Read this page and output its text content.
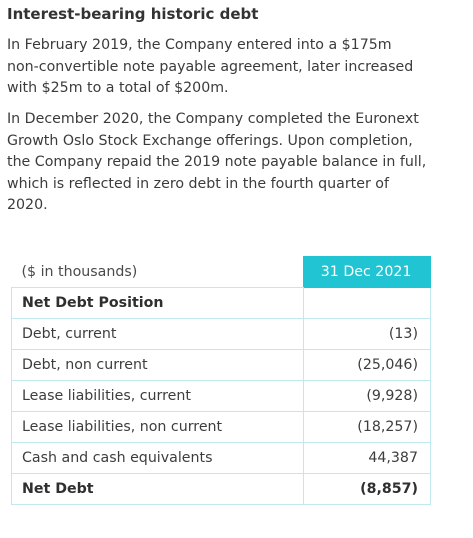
Interest-bearing historic debt

In February 2019, the Company entered into a $175m non-convertible note payable agreement, later increased with $25m to a total of $200m.

In December 2020, the Company completed the Euronext Growth Oslo Stock Exchange offerings. Upon completion, the Company repaid the 2019 note payable balance in full, which is reflected in zero debt in the fourth quarter of 2020.

($ in thousands)	31 Dec 2021
Net Debt Position	
Debt, current	(13)
Debt, non current	(25,046)
Lease liabilities, current	(9,928)
Lease liabilities, non current	(18,257)
Cash and cash equivalents	44,387
Net Debt	(8,857)
